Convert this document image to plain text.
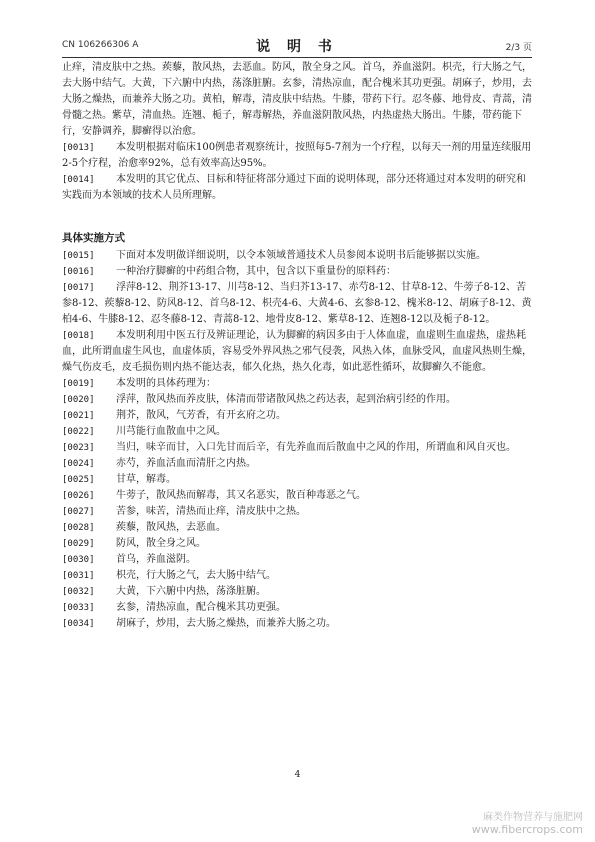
CN 106266306 A	说 明 书	2/3 页

止痒，清皮肤中之热。蒺藜，散风热，去恶血。防风，散全身之风。首乌，养血滋阴。枳壳，行大肠之气，去大肠中结气。大黄，下六腑中内热，荡涤脏腑。玄参，清热凉血，配合槐米其功更强。胡麻子，炒用，去大肠之燥热，而兼养大肠之功。黄柏，解毒，清皮肤中结热。牛膝，带药下行。忍冬藤、地骨皮、青蒿，清骨髓之热。紫草，清血热。连翘、栀子，解毒解热，养血滋阴散风热，内热虚热大肠出。牛膝，带药能下行，安静调养，脚癣得以治愈。

[0013]	本发明根据对临床100例患者观察统计，按照每5-7剂为一个疗程，以每天一剂的用量连续服用2-5个疗程，治愈率92%，总有效率高达95%。

[0014]	本发明的其它优点、目标和特征将部分通过下面的说明体现，部分还将通过对本发明的研究和实践而为本领域的技术人员所理解。

具体实施方式

[0015]	下面对本发明做详细说明，以令本领域普通技术人员参阅本说明书后能够据以实施。

[0016]	一种治疗脚癣的中药组合物，其中，包含以下重量份的原料药：

[0017]	浮萍8-12、荆芥13-17、川芎8-12、当归芥13-17、赤芍8-12、甘草8-12、牛蒡子8-12、苦参8-12、蒺藜8-12、防风8-12、首乌8-12、枳壳4-6、大黄4-6、玄参8-12、槐米8-12、胡麻子8-12、黄柏4-6、牛膝8-12、忍冬藤8-12、青蒿8-12、地骨皮8-12、紫草8-12、连翘8-12以及栀子8-12。

[0018]	本发明利用中医五行及辨证理论，认为脚癣的病因多由于人体血虚，血虚则生血虚热，虚热耗血，此所谓血虚生风也，血虚体质，容易受外界风热之邪气侵袭，风热入体，血脉受风，血虚风热则生燥，燥气伤皮毛，皮毛损伤则内热不能达表，郁久化热，热久化毒，如此恶性循环，故脚癣久不能愈。

[0019]	本发明的具体药理为：

[0020]	浮萍，散风热而养皮肤，体清而带诸散风热之药达表，起到治病引经的作用。

[0021]	荆芥，散风，气芳香，有开玄府之功。

[0022]	川芎能行血散血中之风。

[0023]	当归，味辛而甘，入口先甘而后辛，有先养血而后散血中之风的作用，所谓血和风自灭也。

[0024]	赤芍，养血活血而清肝之内热。

[0025]	甘草，解毒。

[0026]	牛蒡子，散风热而解毒，其又名恶实，散百种毒恶之气。

[0027]	苦参，味苦，清热而止痒，清皮肤中之热。

[0028]	蒺藜，散风热，去恶血。

[0029]	防风，散全身之风。

[0030]	首乌，养血滋阴。

[0031]	枳壳，行大肠之气，去大肠中结气。

[0032]	大黄，下六腑中内热，荡涤脏腑。

[0033]	玄参，清热凉血，配合槐米其功更强。

[0034]	胡麻子，炒用，去大肠之燥热，而兼养大肠之功。

4
麻类作物营养与施肥网
www.fibercrops.com
